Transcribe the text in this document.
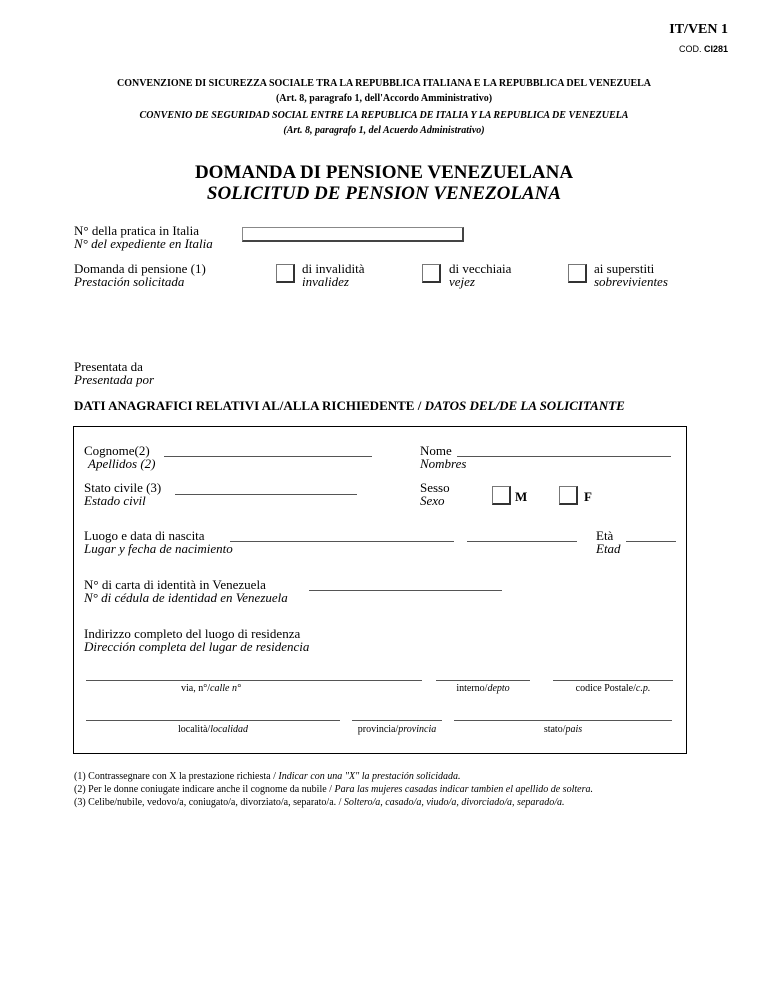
IT/VEN 1
COD. CI281
CONVENZIONE DI SICUREZZA SOCIALE TRA LA REPUBBLICA ITALIANA E LA REPUBBLICA DEL VENEZUELA
(Art. 8, paragrafo 1, dell'Accordo Amministrativo)
CONVENIO DE SEGURIDAD SOCIAL ENTRE LA REPUBLICA DE ITALIA Y LA REPUBLICA DE VENEZUELA
(Art. 8, paragrafo 1, del Acuerdo Administrativo)
DOMANDA DI PENSIONE VENEZUELANA
SOLICITUD DE PENSION VENEZOLANA
N° della pratica in Italia
N° del expediente en Italia
Domanda di pensione (1)
Prestación solicitada
di invalidità
invalidez
di vecchiaia
vejez
ai superstiti
sobrevivientes
Presentata da
Presentada por
DATI ANAGRAFICI RELATIVI AL/ALLA RICHIEDENTE / DATOS DEL/DE LA SOLICITANTE
Cognome(2)
Apellidos (2)
Nome
Nombres
Stato civile (3)
Estado civil
Sesso
Sexo	M	F
Luogo e data di nascita
Lugar y fecha de nacimiento
Età
Etad
N° di carta di identità in Venezuela
N° di cédula de identidad en Venezuela
Indirizzo completo del luogo di residenza
Dirección completa del lugar de residencia
via, n°/calle n°	interno/depto	codice Postale/c.p.
località/localidad	provincia/provincia	stato/pais
(1) Contrassegnare con X la prestazione richiesta / Indicar con una "X" la prestación solicidada.
(2) Per le donne coniugate indicare anche il cognome da nubile / Para las mujeres casadas indicar tambien el apellido de soltera.
(3) Celibe/nubile, vedovo/a, coniugato/a, divorziato/a, separato/a. / Soltero/a, casado/a, viudo/a, divorciado/a, separado/a.
